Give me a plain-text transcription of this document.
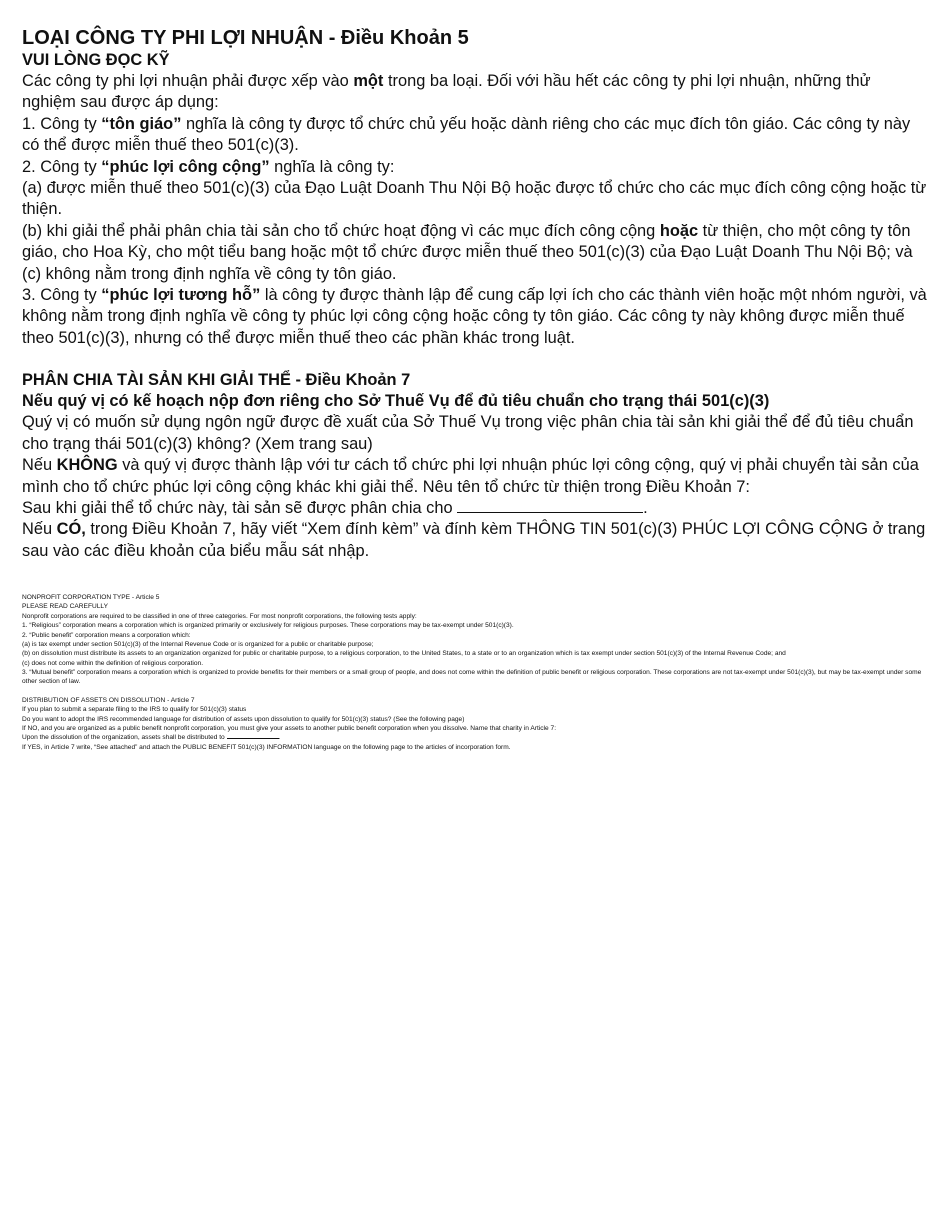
LOẠI CÔNG TY PHI LỢI NHUẬN - Điều Khoản 5
VUI LÒNG ĐỌC KỸ

Các công ty phi lợi nhuận phải được xếp vào một trong ba loại. Đối với hầu hết các công ty phi lợi nhuận, những thử nghiệm sau được áp dụng:

1. Công ty “tôn giáo” nghĩa là công ty được tổ chức chủ yếu hoặc dành riêng cho các mục đích tôn giáo. Các công ty này có thể được miễn thuế theo 501(c)(3).

2. Công ty “phúc lợi công cộng” nghĩa là công ty:

(a) được miễn thuế theo 501(c)(3) của Đạo Luật Doanh Thu Nội Bộ hoặc được tổ chức cho các mục đích công cộng hoặc từ thiện.

(b) khi giải thể phải phân chia tài sản cho tổ chức hoạt động vì các mục đích công cộng hoặc từ thiện, cho một công ty tôn giáo, cho Hoa Kỳ, cho một tiểu bang hoặc một tổ chức được miễn thuế theo 501(c)(3) của Đạo Luật Doanh Thu Nội Bộ; và

(c) không nằm trong định nghĩa về công ty tôn giáo.

3. Công ty “phúc lợi tương hỗ” là công ty được thành lập để cung cấp lợi ích cho các thành viên hoặc một nhóm người, và không nằm trong định nghĩa về công ty phúc lợi công cộng hoặc công ty tôn giáo. Các công ty này không được miễn thuế theo 501(c)(3), nhưng có thể được miễn thuế theo các phần khác trong luật.

PHÂN CHIA TÀI SẢN KHI GIẢI THỂ - Điều Khoản 7
Nếu quý vị có kế hoạch nộp đơn riêng cho Sở Thuế Vụ để đủ tiêu chuẩn cho trạng thái 501(c)(3)

Quý vị có muốn sử dụng ngôn ngữ được đề xuất của Sở Thuế Vụ trong việc phân chia tài sản khi giải thể để đủ tiêu chuẩn cho trạng thái 501(c)(3) không? (Xem trang sau)

Nếu KHÔNG và quý vị được thành lập với tư cách tổ chức phi lợi nhuận phúc lợi công cộng, quý vị phải chuyển tài sản của mình cho tổ chức phúc lợi công cộng khác khi giải thể. Nêu tên tổ chức từ thiện trong Điều Khoản 7:

Sau khi giải thể tổ chức này, tài sản sẽ được phân chia cho	.

Nếu CÓ, trong Điều Khoản 7, hãy viết “Xem đính kèm” và đính kèm THÔNG TIN 501(c)(3) PHÚC LỢI CÔNG CỘNG ở trang sau vào các điều khoản của biểu mẫu sát nhập.

NONPROFIT CORPORATION TYPE - Article 5

PLEASE READ CAREFULLY

Nonprofit corporations are required to be classified in one of three categories. For most nonprofit corporations, the following tests apply:

1. “Religious” corporation means a corporation which is organized primarily or exclusively for religious purposes. These corporations may be tax-exempt under 501(c)(3).

2. “Public benefit” corporation means a corporation which:

(a) is tax exempt under section 501(c)(3) of the Internal Revenue Code or is organized for a public or charitable purpose;

(b) on dissolution must distribute its assets to an organization organized for public or charitable purpose, to a religious corporation, to the United States, to a state or to an organization which is tax exempt under section 501(c)(3) of the Internal Revenue Code; and

(c) does not come within the definition of religious corporation.

3. “Mutual benefit” corporation means a corporation which is organized to provide benefits for their members or a small group of people, and does not come within the definition of public benefit or religious corporation. These corporations are not tax-exempt under 501(c)(3), but may be tax-exempt under some other section of law.

DISTRIBUTION OF ASSETS ON DISSOLUTION - Article 7

If you plan to submit a separate filing to the IRS to qualify for 501(c)(3) status

Do you want to adopt the IRS recommended language for distribution of assets upon dissolution to qualify for 501(c)(3) status? (See the following page)

If NO, and you are organized as a public benefit nonprofit corporation, you must give your assets to another public benefit corporation when you dissolve. Name that charity in Article 7:

Upon the dissolution of the organization, assets shall be distributed to	.

If YES, in Article 7 write, “See attached” and attach the PUBLIC BENEFIT 501(c)(3) INFORMATION language on the following page to the articles of incorporation form.
